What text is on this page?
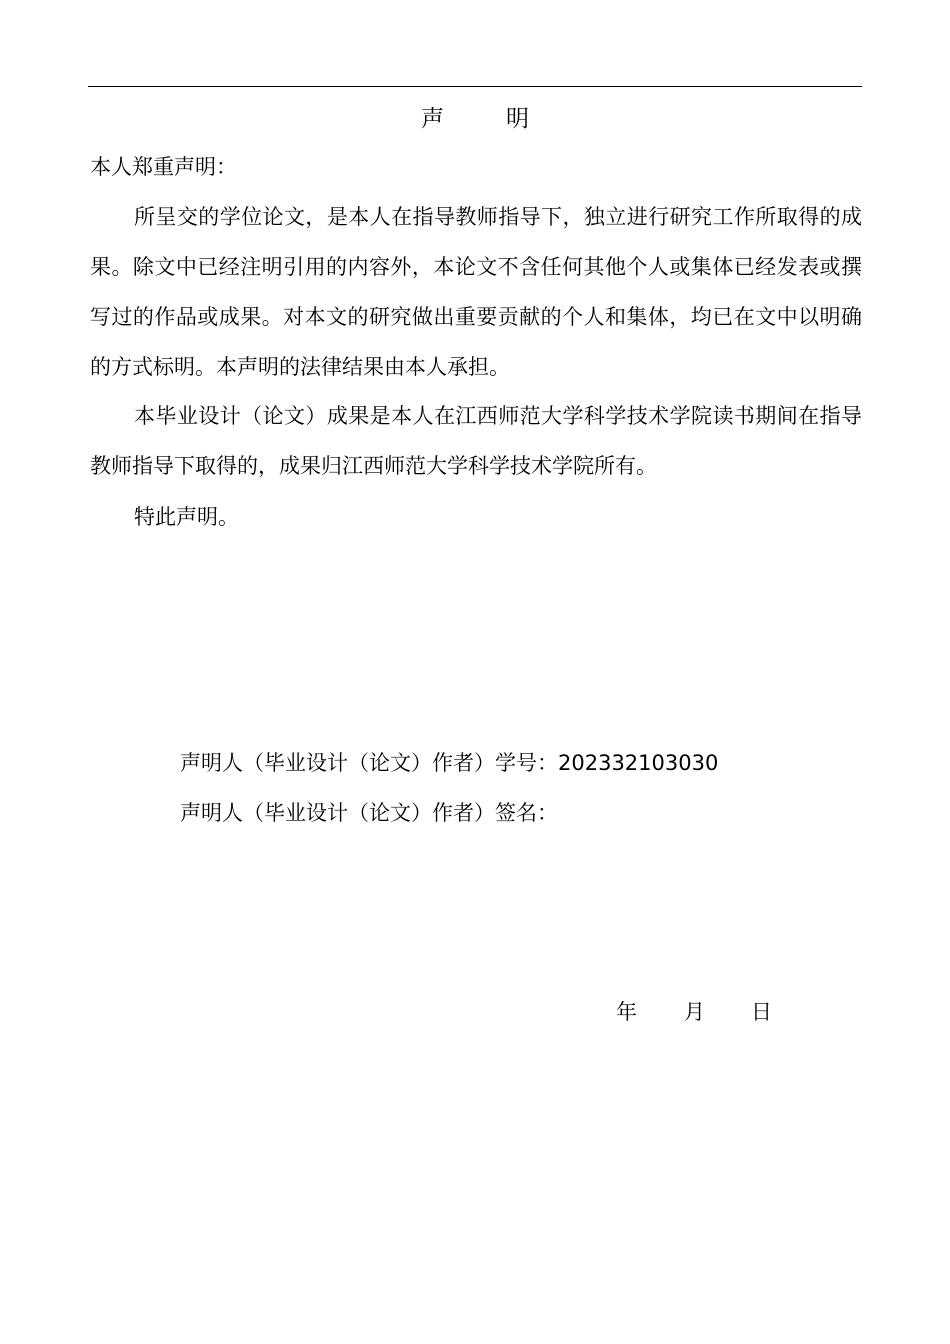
声	明
本人郑重声明：
所呈交的学位论文，是本人在指导教师指导下，独立进行研究工作所取得的成果。除文中已经注明引用的内容外，本论文不含任何其他个人或集体已经发表或撰写过的作品或成果。对本文的研究做出重要贡献的个人和集体，均已在文中以明确的方式标明。本声明的法律结果由本人承担。
本毕业设计（论文）成果是本人在江西师范大学科学技术学院读书期间在指导教师指导下取得的，成果归江西师范大学科学技术学院所有。
特此声明。
声明人（毕业设计（论文）作者）学号：202332103030
声明人（毕业设计（论文）作者）签名：
年 月 日
